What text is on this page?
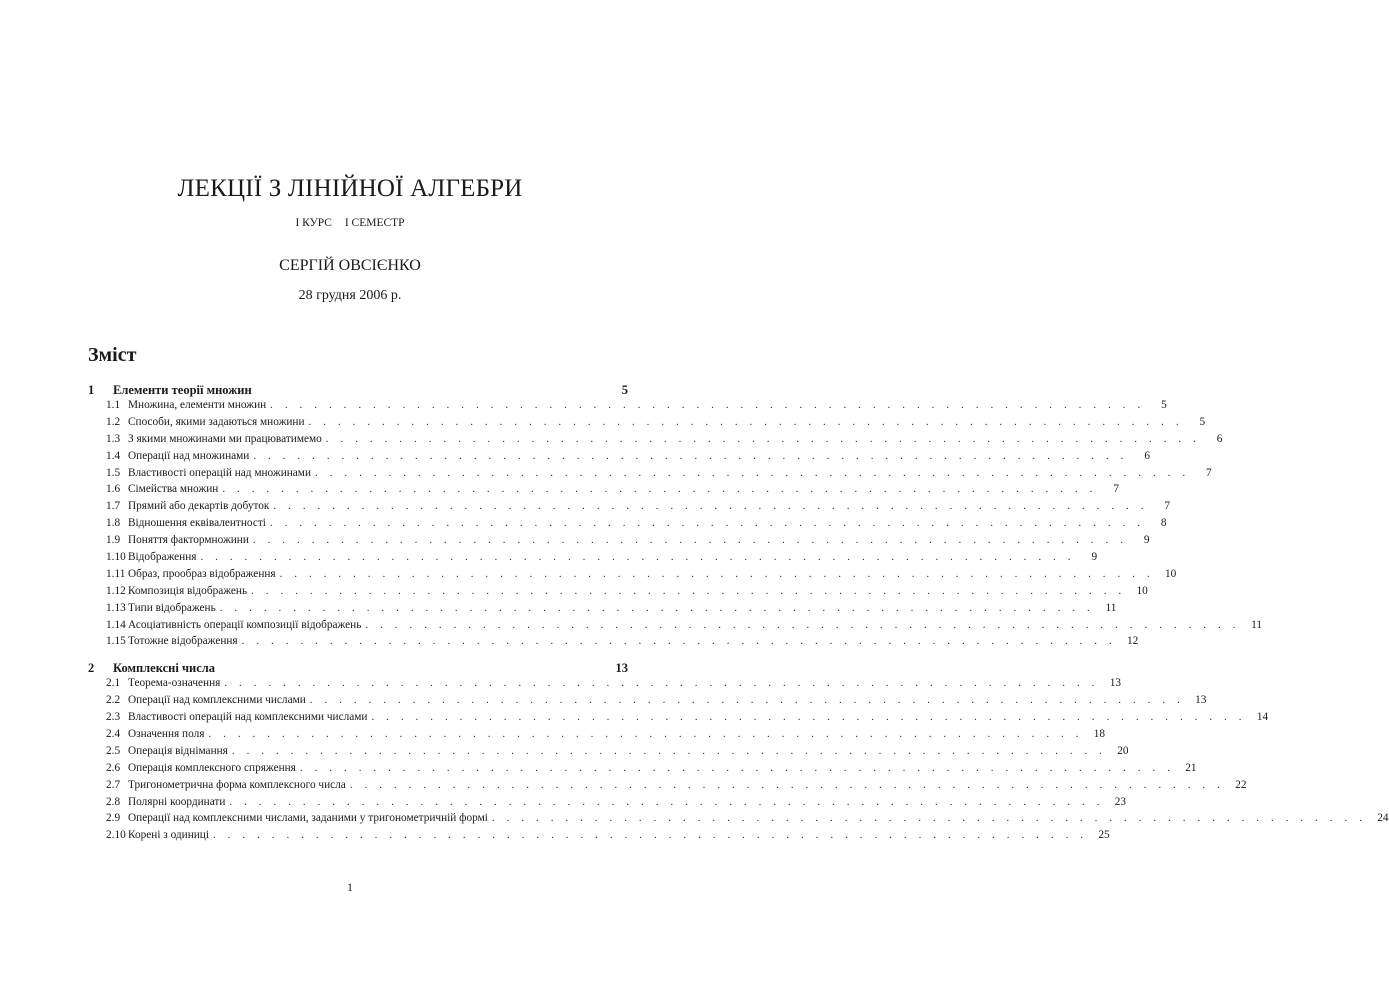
ЛЕКЦІЇ З ЛІНІЙНОЇ АЛГЕБРИ
І КУРС І СЕМЕСТР
СЕРГІЙ ОВСІЄНКО
28 грудня 2006 р.
Зміст
1	Елементи теорії множин	5
1.1 Множина, елементи множин . . . . . . . . . . . . . . . . . . . . . . . . . . . . . . . . . . . . . . . . . . . . . . . . . . . . . . . . . . . .	5
1.2 Способи, якими задаються множини . . . . . . . . . . . . . . . . . . . . . . . . . . . . . . . . . . . . . . . . . . . . . . . . . . . . . . . . . . . .	5
1.3 З якими множинами ми працюватимемо . . . . . . . . . . . . . . . . . . . . . . . . . . . . . . . . . . . . . . . . . . . . . . . . . . . . . . . . . . . .	6
1.4 Операції над множинами . . . . . . . . . . . . . . . . . . . . . . . . . . . . . . . . . . . . . . . . . . . . . . . . . . . . . . . . . . . .	6
1.5 Властивості операцій над множинами . . . . . . . . . . . . . . . . . . . . . . . . . . . . . . . . . . . . . . . . . . . . . . . . . . . . . . . . . . . .	7
1.6 Сімейства множин . . . . . . . . . . . . . . . . . . . . . . . . . . . . . . . . . . . . . . . . . . . . . . . . . . . . . . . . . . . .	7
1.7 Прямий або декартів добуток . . . . . . . . . . . . . . . . . . . . . . . . . . . . . . . . . . . . . . . . . . . . . . . . . . . . . . . . . . . .	7
1.8 Відношення еквівалентності . . . . . . . . . . . . . . . . . . . . . . . . . . . . . . . . . . . . . . . . . . . . . . . . . . . . . . . . . . . .	8
1.9 Поняття фактормножини . . . . . . . . . . . . . . . . . . . . . . . . . . . . . . . . . . . . . . . . . . . . . . . . . . . . . . . . . . . .	9
1.10 Відображення . . . . . . . . . . . . . . . . . . . . . . . . . . . . . . . . . . . . . . . . . . . . . . . . . . . . . . . . . . . .	9
1.11 Образ, прообраз відображення . . . . . . . . . . . . . . . . . . . . . . . . . . . . . . . . . . . . . . . . . . . . . . . . . . . . . . . . . . . . 10
1.12 Композиція відображень . . . . . . . . . . . . . . . . . . . . . . . . . . . . . . . . . . . . . . . . . . . . . . . . . . . . . . . . . . . . 10
1.13 Типи відображень . . . . . . . . . . . . . . . . . . . . . . . . . . . . . . . . . . . . . . . . . . . . . . . . . . . . . . . . . . . . 11
1.14 Асоціативність операції композиції відображень . . . . . . . . . . . . . . . . . . . . . . . . . . . . . . . . . . . . . . . . . . . . . . . . . . . . . . . . . . . . 11
1.15 Тотожне відображення . . . . . . . . . . . . . . . . . . . . . . . . . . . . . . . . . . . . . . . . . . . . . . . . . . . . . . . . . . . . 12
2	Комплексні числа	13
2.1 Теорема-означення . . . . . . . . . . . . . . . . . . . . . . . . . . . . . . . . . . . . . . . . . . . . . . . . . . . . . . . . . . . . 13
2.2 Операції над комплексними числами . . . . . . . . . . . . . . . . . . . . . . . . . . . . . . . . . . . . . . . . . . . . . . . . . . . . . . . . . . . . 13
2.3 Властивості операцій над комплексними числами . . . . . . . . . . . . . . . . . . . . . . . . . . . . . . . . . . . . . . . . . . . . . . . . . . . . . . . . . . . . 14
2.4 Означення поля . . . . . . . . . . . . . . . . . . . . . . . . . . . . . . . . . . . . . . . . . . . . . . . . . . . . . . . . . . . . 18
2.5 Операція віднімання . . . . . . . . . . . . . . . . . . . . . . . . . . . . . . . . . . . . . . . . . . . . . . . . . . . . . . . . . . . . 20
2.6 Операція комплексного спряження . . . . . . . . . . . . . . . . . . . . . . . . . . . . . . . . . . . . . . . . . . . . . . . . . . . . . . . . . . . . 21
2.7 Тригонометрична форма комплексного числа . . . . . . . . . . . . . . . . . . . . . . . . . . . . . . . . . . . . . . . . . . . . . . . . . . . . . . . . . . . . 22
2.8 Полярні координати . . . . . . . . . . . . . . . . . . . . . . . . . . . . . . . . . . . . . . . . . . . . . . . . . . . . . . . . . . . . 23
2.9 Операції над комплексними числами, заданими у тригонометричній формі . . . . . . . . . . . . . . . . . . . . . . . . . . . . . . . . . . . . . . . . . . . . . . . . . . . . . . . . . . . . 24
2.10 Корені з одиниці . . . . . . . . . . . . . . . . . . . . . . . . . . . . . . . . . . . . . . . . . . . . . . . . . . . . . . . . . . . . 25
1
